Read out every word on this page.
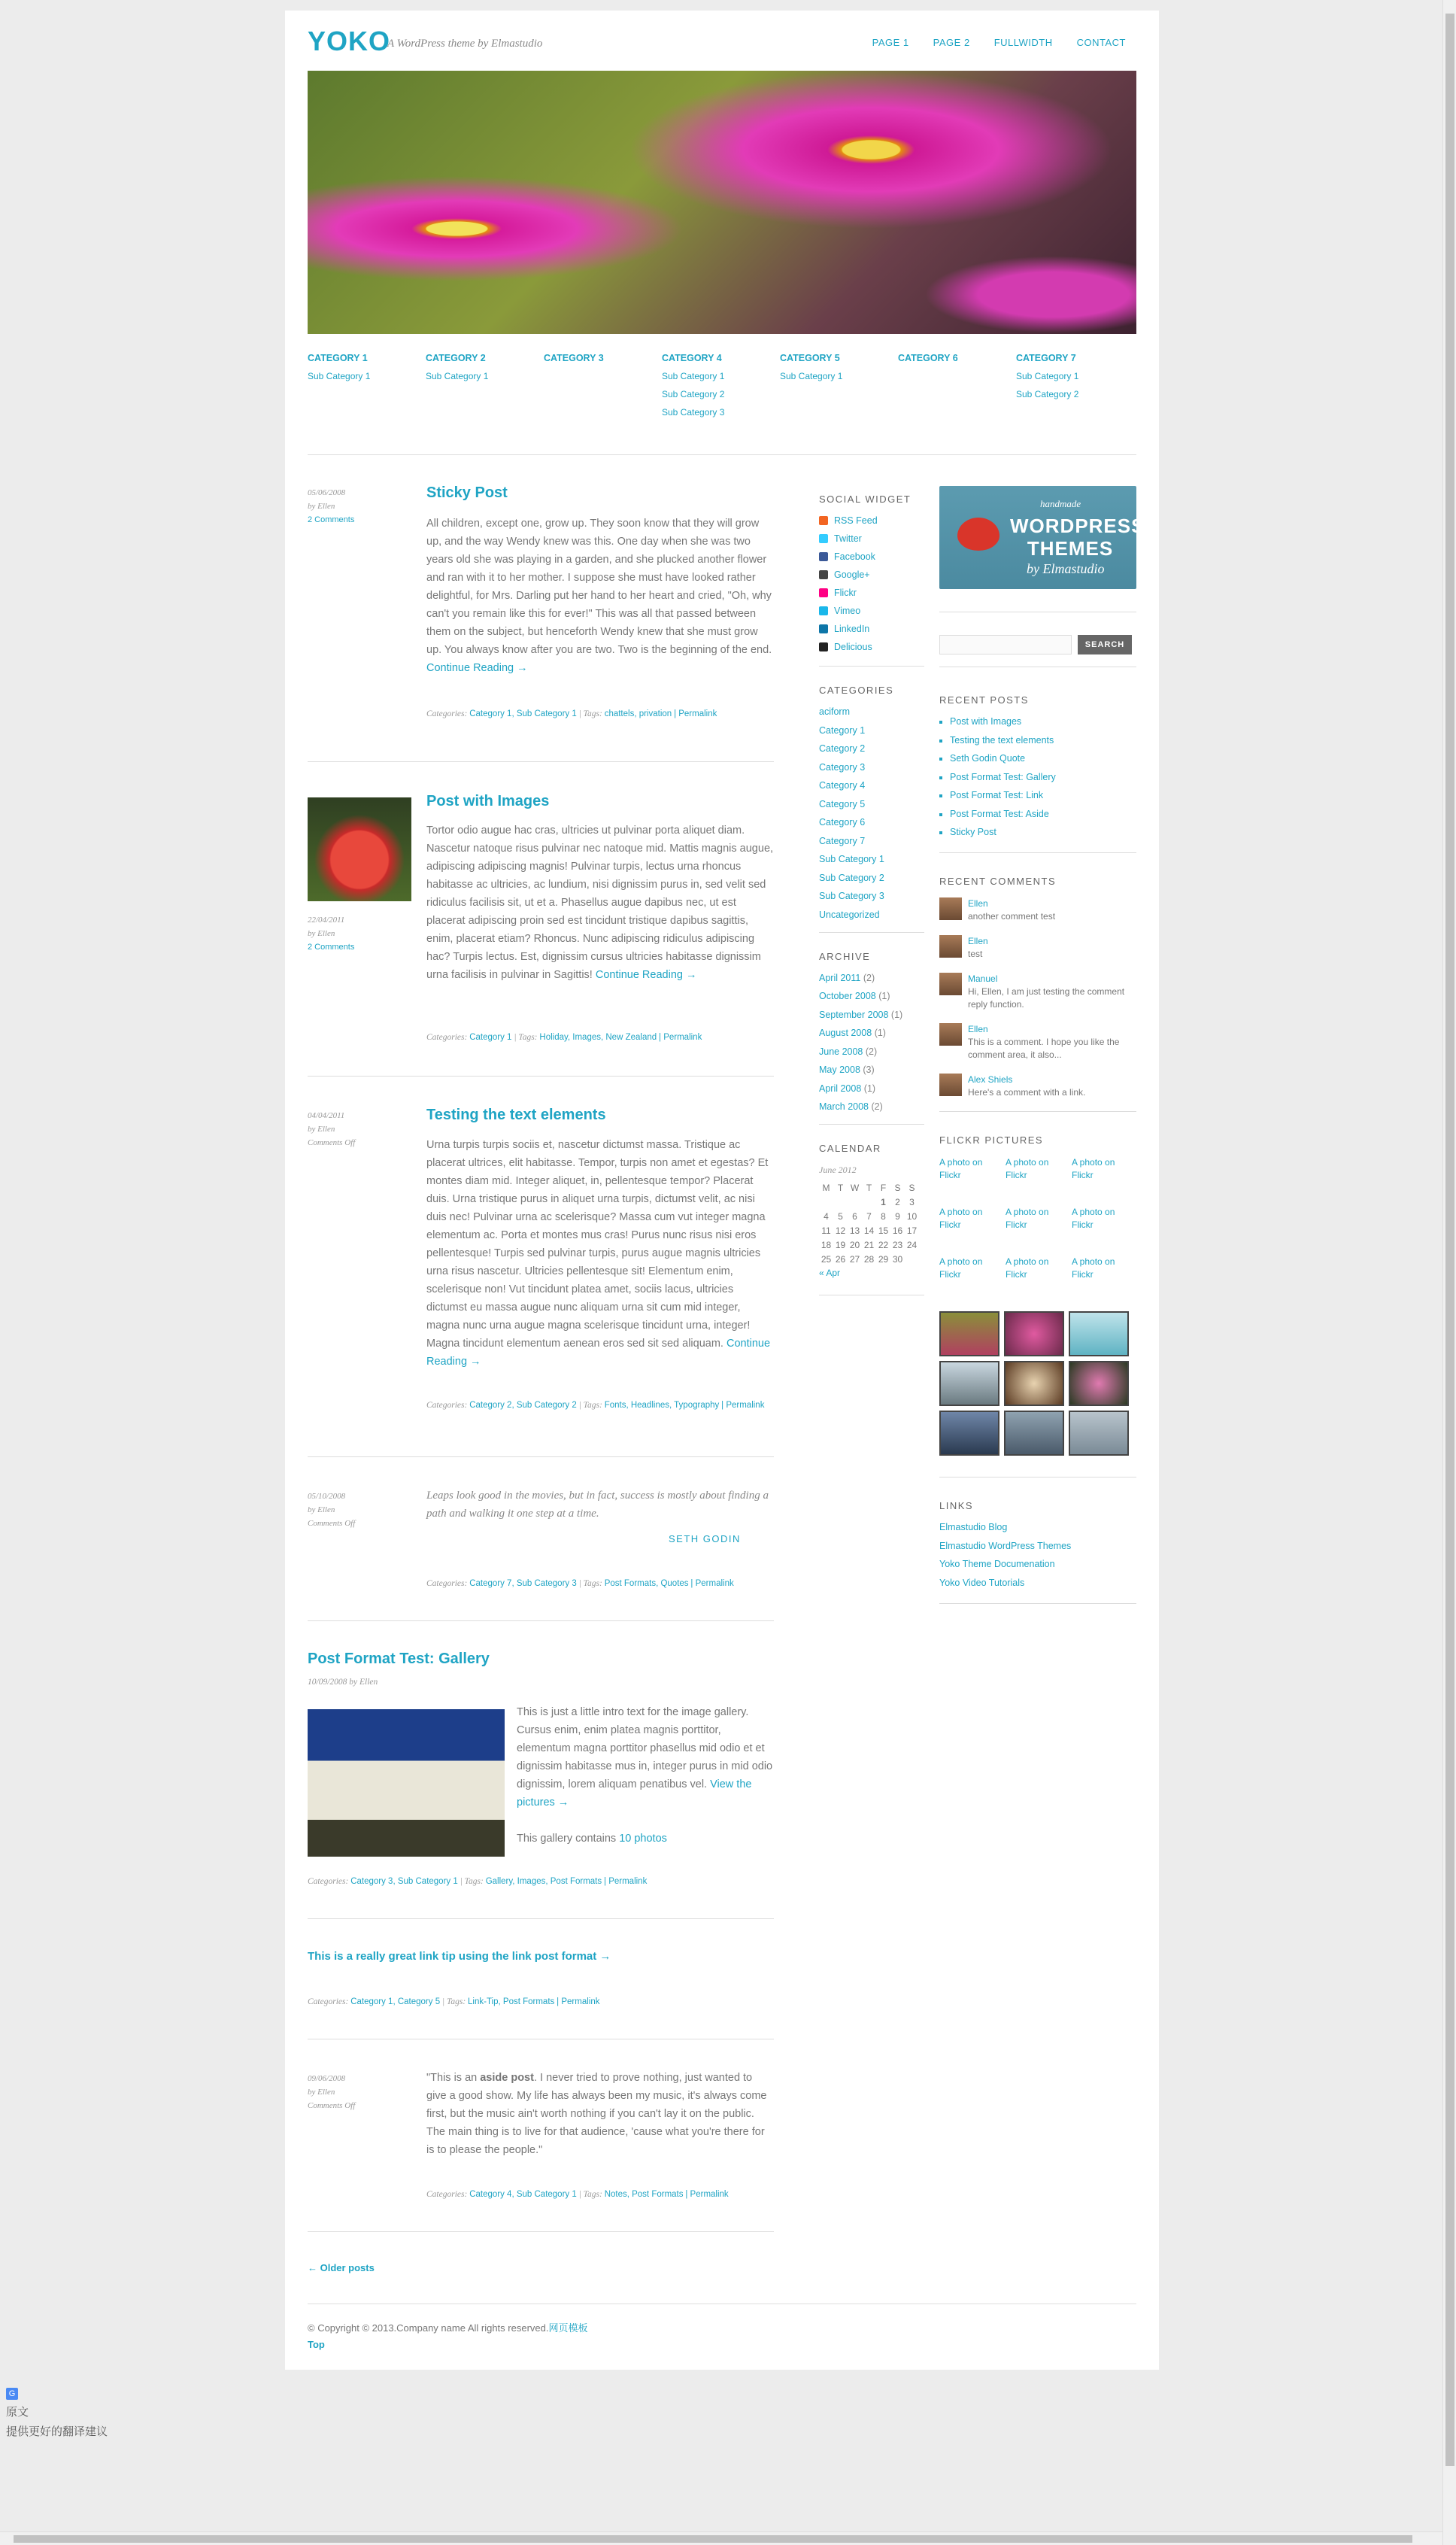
YOKO
A WordPress theme by Elmastudio	PAGE 1 PAGE 2 FULLWIDTH CONTACT
CATEGORY 1
Sub Category 1
CATEGORY 2
Sub Category 1
CATEGORY 3	CATEGORY 4
Sub Category 1
Sub Category 2
Sub Category 3
CATEGORY 5
Sub Category 1
CATEGORY 6	CATEGORY 7
Sub Category 1
Sub Category 2
05/06/2008
by Ellen
2 Comments
Sticky Post
All children, except one, grow up. They soon know that they will grow up, and the way Wendy knew was this. One day when she was two years old she was playing in a garden, and she plucked another flower and ran with it to her mother. I suppose she must have looked rather delightful, for Mrs. Darling put her hand to her heart and cried, "Oh, why can't you remain like this for ever!" This was all that passed between them on the subject, but henceforth Wendy knew that she must grow up. You always know after you are two. Two is the beginning of the end. Continue Reading →
Categories: Category 1, Sub Category 1 | Tags: chattels, privation | Permalink
22/04/2011
by Ellen
2 Comments
Post with Images
Tortor odio augue hac cras, ultricies ut pulvinar porta aliquet diam. Nascetur natoque risus pulvinar nec natoque mid. Mattis magnis augue, adipiscing adipiscing magnis! Pulvinar turpis, lectus urna rhoncus habitasse ac ultricies, ac lundium, nisi dignissim purus in, sed velit sed ridiculus facilisis sit, ut et a. Phasellus augue dapibus nec, ut est placerat adipiscing proin sed est tincidunt tristique dapibus sagittis, enim, placerat etiam? Rhoncus. Nunc adipiscing ridiculus adipiscing hac? Turpis lectus. Est, dignissim cursus ultricies habitasse dignissim urna facilisis in pulvinar in Sagittis! Continue Reading →
Categories: Category 1 | Tags: Holiday, Images, New Zealand | Permalink
04/04/2011
by Ellen
Comments Off
Testing the text elements
Urna turpis turpis sociis et, nascetur dictumst massa. Tristique ac placerat ultrices, elit habitasse. Tempor, turpis non amet et egestas? Et montes diam mid. Integer aliquet, in, pellentesque tempor? Placerat duis. Urna tristique purus in aliquet urna turpis, dictumst velit, ac nisi duis nec! Pulvinar urna ac scelerisque? Massa cum vut integer magna elementum ac. Porta et montes mus cras! Purus nunc risus nisi eros pellentesque! Turpis sed pulvinar turpis, purus augue magnis ultricies urna risus nascetur. Ultricies pellentesque sit! Elementum enim, scelerisque non! Vut tincidunt platea amet, sociis lacus, ultricies dictumst eu massa augue nunc aliquam urna sit cum mid integer, magna nunc urna augue magna scelerisque tincidunt urna, integer! Magna tincidunt elementum aenean eros sed sit sed aliquam. Continue Reading →
Categories: Category 2, Sub Category 2 | Tags: Fonts, Headlines, Typography | Permalink
05/10/2008
by Ellen
Comments Off
Leaps look good in the movies, but in fact, success is mostly about finding a path and walking it one step at a time.
SETH GODIN
Categories: Category 7, Sub Category 3 | Tags: Post Formats, Quotes | Permalink
Post Format Test: Gallery
10/09/2008 by Ellen
This is just a little intro text for the image gallery. Cursus enim, enim platea magnis porttitor, elementum magna porttitor phasellus mid odio et et dignissim habitasse mus in, integer purus in mid odio dignissim, lorem aliquam penatibus vel. View the pictures →
This gallery contains 10 photos
Categories: Category 3, Sub Category 1 | Tags: Gallery, Images, Post Formats | Permalink
This is a really great link tip using the link post format →
Categories: Category 1, Category 5 | Tags: Link-Tip, Post Formats | Permalink
09/06/2008
by Ellen
Comments Off
"This is an aside post. I never tried to prove nothing, just wanted to give a good show. My life has always been my music, it's always come first, but the music ain't worth nothing if you can't lay it on the public. The main thing is to live for that audience, 'cause what you're there for is to please the people."
Categories: Category 4, Sub Category 1 | Tags: Notes, Post Formats | Permalink
← Older posts
SOCIAL WIDGET
RSS Feed
Twitter
Facebook
Google+
Flickr
Vimeo
LinkedIn
Delicious
CATEGORIES
aciform
Category 1
Category 2
Category 3
Category 4
Category 5
Category 6
Category 7
Sub Category 1
Sub Category 2
Sub Category 3
Uncategorized
ARCHIVE
April 2011 (2)
October 2008 (1)
September 2008 (1)
August 2008 (1)
June 2008 (2)
May 2008 (3)
April 2008 (1)
March 2008 (2)
CALENDAR
June 2012
M	T	W	T	F	S	S
				1	2	3
4	5	6	7	8	9	10
11	12	13	14	15	16	17
18	19	20	21	22	23	24
25	26	27	28	29	30	
« Apr
handmade
WORDPRESS THEMES
by Elmastudio
SEARCH
RECENT POSTS
▪ Post with Images
▪ Testing the text elements
▪ Seth Godin Quote
▪ Post Format Test: Gallery
▪ Post Format Test: Link
▪ Post Format Test: Aside
▪ Sticky Post
RECENT COMMENTS
Ellen
another comment test
Ellen
test
Manuel
Hi, Ellen, I am just testing the comment reply function.
Ellen
This is a comment. I hope you like the comment area, it also...
Alex Shiels
Here's a comment with a link.
FLICKR PICTURES
A photo on Flickr
A photo on Flickr
A photo on Flickr
A photo on Flickr
A photo on Flickr
A photo on Flickr
A photo on Flickr
A photo on Flickr
A photo on Flickr
LINKS
Elmastudio Blog
Elmastudio WordPress Themes
Yoko Theme Documenation
Yoko Video Tutorials
© Copyright © 2013.Company name All rights reserved.网页模板
Top
G
原文
提供更好的翻译建议
